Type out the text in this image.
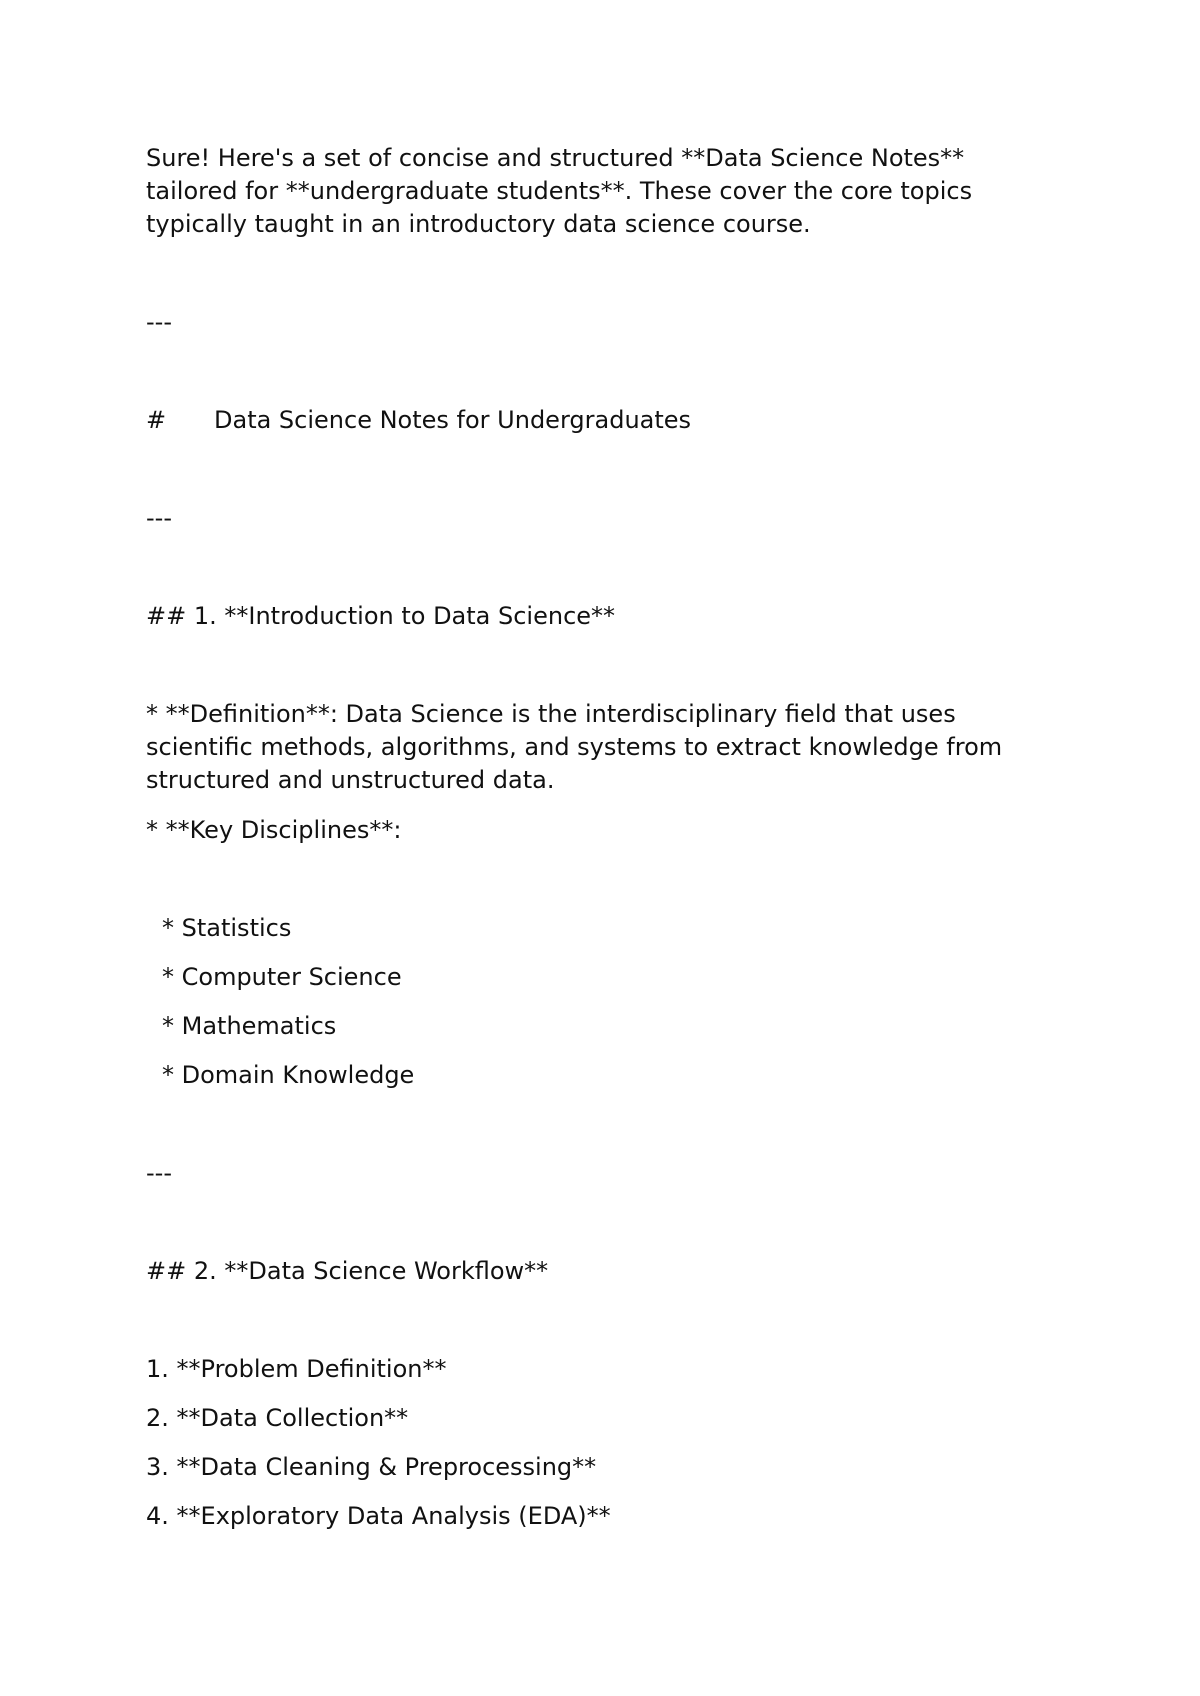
Sure! Here's a set of concise and structured **Data Science Notes**
tailored for **undergraduate students**. These cover the core topics
typically taught in an introductory data science course.

---

# Data Science Notes for Undergraduates

---

## 1. **Introduction to Data Science**

* **Definition**: Data Science is the interdisciplinary field that uses
scientific methods, algorithms, and systems to extract knowledge from
structured and unstructured data.

* **Key Disciplines**:

* Statistics

* Computer Science

* Mathematics

* Domain Knowledge

---

## 2. **Data Science Workflow**

1. **Problem Definition**

2. **Data Collection**

3. **Data Cleaning & Preprocessing**

4. **Exploratory Data Analysis (EDA)**
